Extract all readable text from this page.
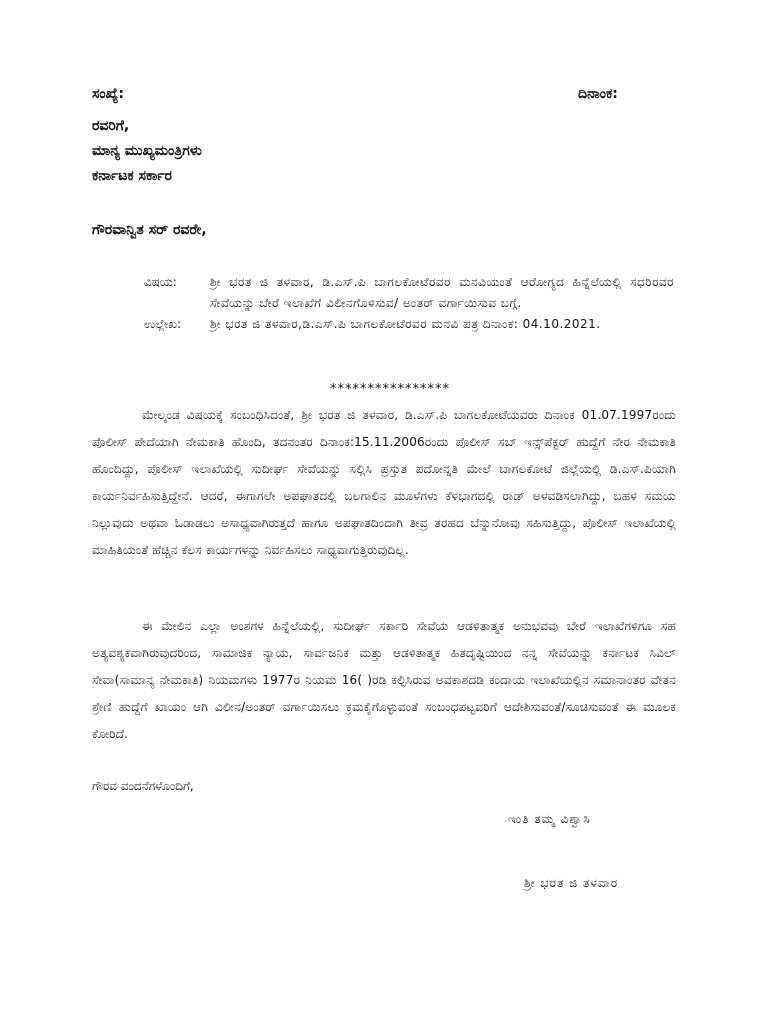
ಸಂಖ್ಯೆ:	ದಿನಾಂಕ:
ರವರಿಗೆ,
ಮಾನ್ಯ ಮುಖ್ಯಮಂತ್ರಿಗಳು
ಕರ್ನಾಟಕ ಸರ್ಕಾರ
ಗೌರವಾನ್ವಿತ ಸರ್ ರವರೇ,
ವಿಷಯ:	ಶ್ರೀ ಭರತ ಜಿ ತಳವಾರ, ಡಿ.ಎಸ್.ಪಿ ಬಾಗಲಕೋಟೆರವರ ಮನವಿಯಂತೆ ಆರೋಗ್ಯದ ಹಿನ್ನೆಲೆಯಲ್ಲಿ ಸಧರಿರವರ ಸೇವೆಯನ್ನು ಬೇರೆ ಇಲಾಖೆಗೆ ವಿಲೀನಗೊಳಿಸುವ/ ಅಂತರ್ ವರ್ಗಾಯಿಸುವ ಬಗ್ಗೆ.
ಉಲ್ಲೇಖ:	ಶ್ರೀ ಭರತ ಜಿ ತಳವಾರ,ಡಿ.ಎಸ್.ಪಿ ಬಾಗಲಕೋಟೆರವರ ಮನವಿ ಪತ್ರ ದಿನಾಂಕ: 04.10.2021.
****************
ಮೇಲ್ಕಂಡ ವಿಷಯಕ್ಕೆ ಸಂಬಂಧಿಸಿದಂತೆ, ಶ್ರೀ ಭರತ ಜಿ ತಳವಾರ, ಡಿ.ಎಸ್.ಪಿ ಬಾಗಲಕೋಟೆಯವರು ದಿನಾಂಕ 01.07.1997ರಂದು ಪೊಲೀಸ್ ಪೇದೆಯಾಗಿ ನೇಮಕಾತಿ ಹೊಂದಿ, ತದನಂತರ ದಿನಾಂಕ:15.11.2006ರಂದು ಪೊಲೀಸ್ ಸಬ್ ಇನ್ಸ್‌ಪೆಕ್ಟರ್ ಹುದ್ದೆಗೆ ನೇರ ನೇಮಕಾತಿ ಹೊಂದಿದ್ದು, ಪೊಲೀಸ್ ಇಲಾಖೆಯಲ್ಲಿ ಸುದೀರ್ಘ ಸೇವೆಯನ್ನು ಸಲ್ಲಿಸಿ ಪ್ರಸ್ತುತ ಪದೋನ್ನತಿ ಮೇಲೆ ಬಾಗಲಕೋಟೆ ಜಿಲ್ಲೆಯಲ್ಲಿ ಡಿ.ಎಸ್.ಪಿಯಾಗಿ ಕಾರ್ಯನಿರ್ವಹಿಸುತ್ತಿದ್ದೇನೆ. ಆದರೆ, ಈಗಾಗಲೇ ಅಪಘಾತದಲ್ಲಿ ಬಲಗಾಲಿನ ಮೂಳೆಗಳು ಕೆಳಭಾಗದಲ್ಲಿ ರಾಡ್ ಅಳವಡಿಸಲಾಗಿದ್ದು, ಬಹಳ ಸಮಯ ನಿಲ್ಲುವುದು ಅಥವಾ ಓಡಾಡಲು ಅಸಾಧ್ಯವಾಗಿರುತ್ತದೆ ಹಾಗೂ ಅಪಘಾತದಿಂದಾಗಿ ತೀವ್ರ ತರಹದ ಬೆನ್ನುನೋವು ಸಹಿಸುತ್ತಿದ್ದು, ಪೊಲೀಸ್ ಇಲಾಖೆಯಲ್ಲಿ ಮಾಹಿತಿಯಂತೆ ಹೆಚ್ಚಿನ ಕೆಲಸ ಕಾರ್ಯಗಳನ್ನು ನಿರ್ವಹಿಸಲು ಸಾಧ್ಯವಾಗುತ್ತಿರುವುದಿಲ್ಲ.
ಈ ಮೇಲಿನ ಎಲ್ಲಾ ಅಂಶಗಳ ಹಿನ್ನೆಲೆಯಲ್ಲಿ, ಸುದೀರ್ಘ ಸರ್ಕಾರಿ ಸೇವೆಯ ಆಡಳಿತಾತ್ಮಕ ಅನುಭವವು ಬೇರೆ ಇಲಾಖೆಗಳಿಗೂ ಸಹ ಅತ್ಯವಶ್ಯಕವಾಗಿರುವುದರಿಂದ, ಸಾಮಾಜಿಕ ನ್ಯಾಯ, ಸಾರ್ವಜನಿಕ ಮತ್ತು ಆಡಳಿತಾತ್ಮಕ ಹಿತದೃಷ್ಟಿಯಿಂದ ನನ್ನ ಸೇವೆಯನ್ನು ಕರ್ನಾಟಕ ಸಿವಿಲ್ ಸೇವಾ(ಸಾಮಾನ್ಯ ನೇಮಕಾತಿ) ನಿಯಮಗಳು 1977ರ ನಿಯಮ 16( )ರಡಿ ಕಲ್ಪಿಸಿರುವ ಅವಕಾಶದಡಿ ಕಂದಾಯ ಇಲಾಖೆಯಲ್ಲಿನ ಸಮಾನಾಂತರ ವೇತನ ಶ್ರೇಣಿ ಹುದ್ದೆಗೆ ಖಾಯಂ ಆಗಿ ವಿಲೀನ/ಅಂತರ್ ವರ್ಗಾಯಿಸಲು ಕ್ರಮಕೈಗೊಳ್ಳುವಂತೆ ಸಂಬಂಧಪಟ್ಟವರಿಗೆ ಆದೇಶಿಸುವಂತೆ/ಸೂಚಿಸುವಂತೆ ಈ ಮೂಲಕ ಕೋರಿದೆ.
ಗೌರವ ವಂದನೆಗಳೊಂದಿಗೆ,
ಇಂತಿ ತಮ್ಮ ವಿಶ್ವಾಸಿ
ಶ್ರೀ ಭರತ ಜಿ ತಳವಾರ
